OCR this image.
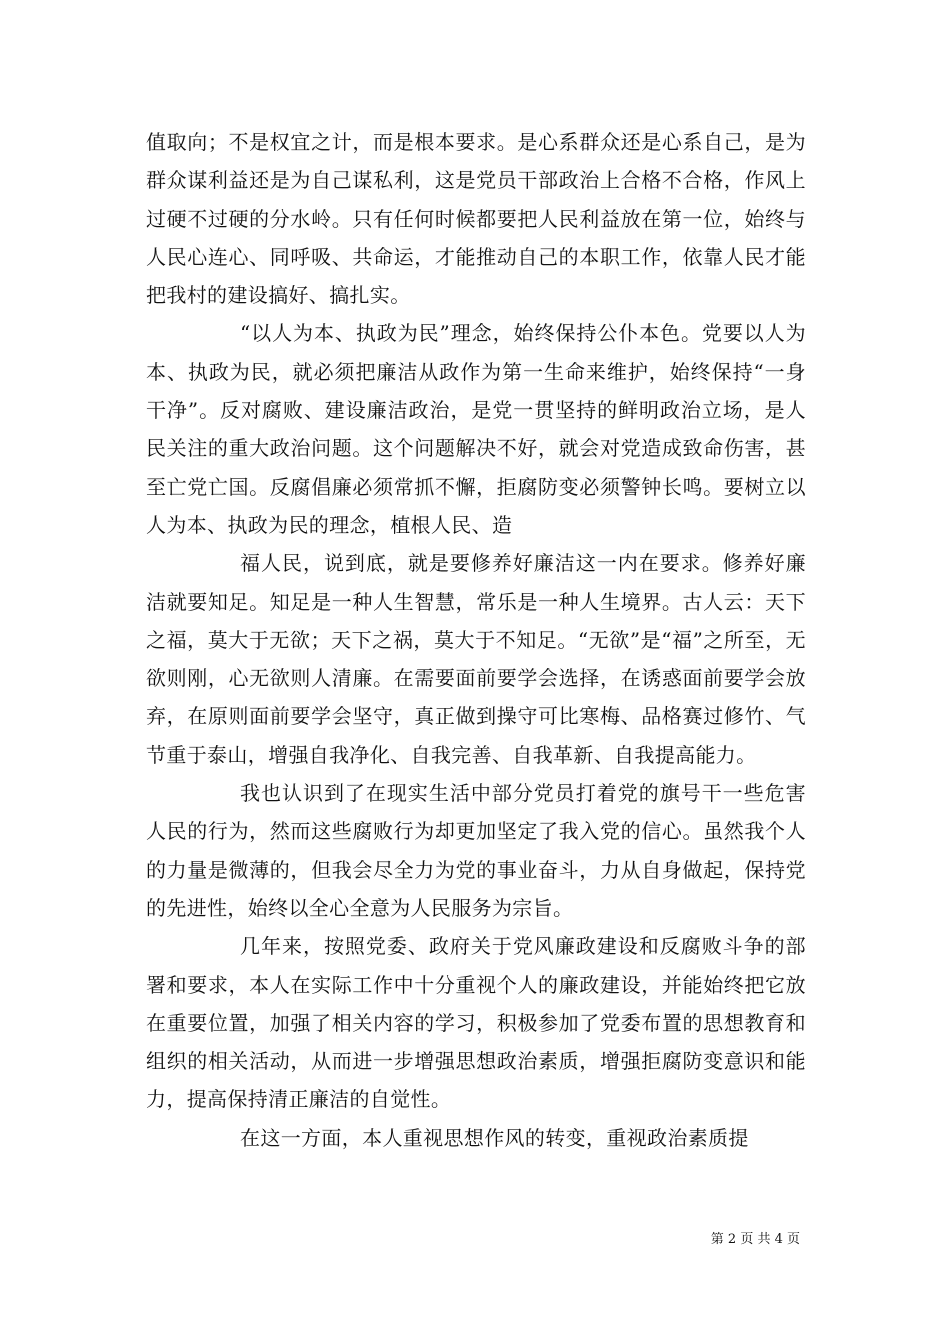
值取向；不是权宜之计，而是根本要求。是心系群众还是心系自己，是为群众谋利益还是为自己谋私利，这是党员干部政治上合格不合格，作风上过硬不过硬的分水岭。只有任何时候都要把人民利益放在第一位，始终与人民心连心、同呼吸、共命运，才能推动自己的本职工作，依靠人民才能把我村的建设搞好、搞扎实。

“以人为本、执政为民”理念，始终保持公仆本色。党要以人为本、执政为民，就必须把廉洁从政作为第一生命来维护，始终保持“一身干净”。反对腐败、建设廉洁政治，是党一贯坚持的鲜明政治立场，是人民关注的重大政治问题。这个问题解决不好，就会对党造成致命伤害，甚至亡党亡国。反腐倡廉必须常抓不懈，拒腐防变必须警钟长鸣。要树立以人为本、执政为民的理念，植根人民、造

福人民，说到底，就是要修养好廉洁这一内在要求。修养好廉洁就要知足。知足是一种人生智慧，常乐是一种人生境界。古人云：天下之福，莫大于无欲；天下之祸，莫大于不知足。“无欲”是“福”之所至，无欲则刚，心无欲则人清廉。在需要面前要学会选择，在诱惑面前要学会放弃，在原则面前要学会坚守，真正做到操守可比寒梅、品格赛过修竹、气节重于泰山，增强自我净化、自我完善、自我革新、自我提高能力。

我也认识到了在现实生活中部分党员打着党的旗号干一些危害人民的行为，然而这些腐败行为却更加坚定了我入党的信心。虽然我个人的力量是微薄的，但我会尽全力为党的事业奋斗，力从自身做起，保持党的先进性，始终以全心全意为人民服务为宗旨。

几年来，按照党委、政府关于党风廉政建设和反腐败斗争的部署和要求，本人在实际工作中十分重视个人的廉政建设，并能始终把它放在重要位置，加强了相关内容的学习，积极参加了党委布置的思想教育和组织的相关活动，从而进一步增强思想政治素质，增强拒腐防变意识和能力，提高保持清正廉洁的自觉性。

在这一方面，本人重视思想作风的转变，重视政治素质提

第 2 页 共 4 页
